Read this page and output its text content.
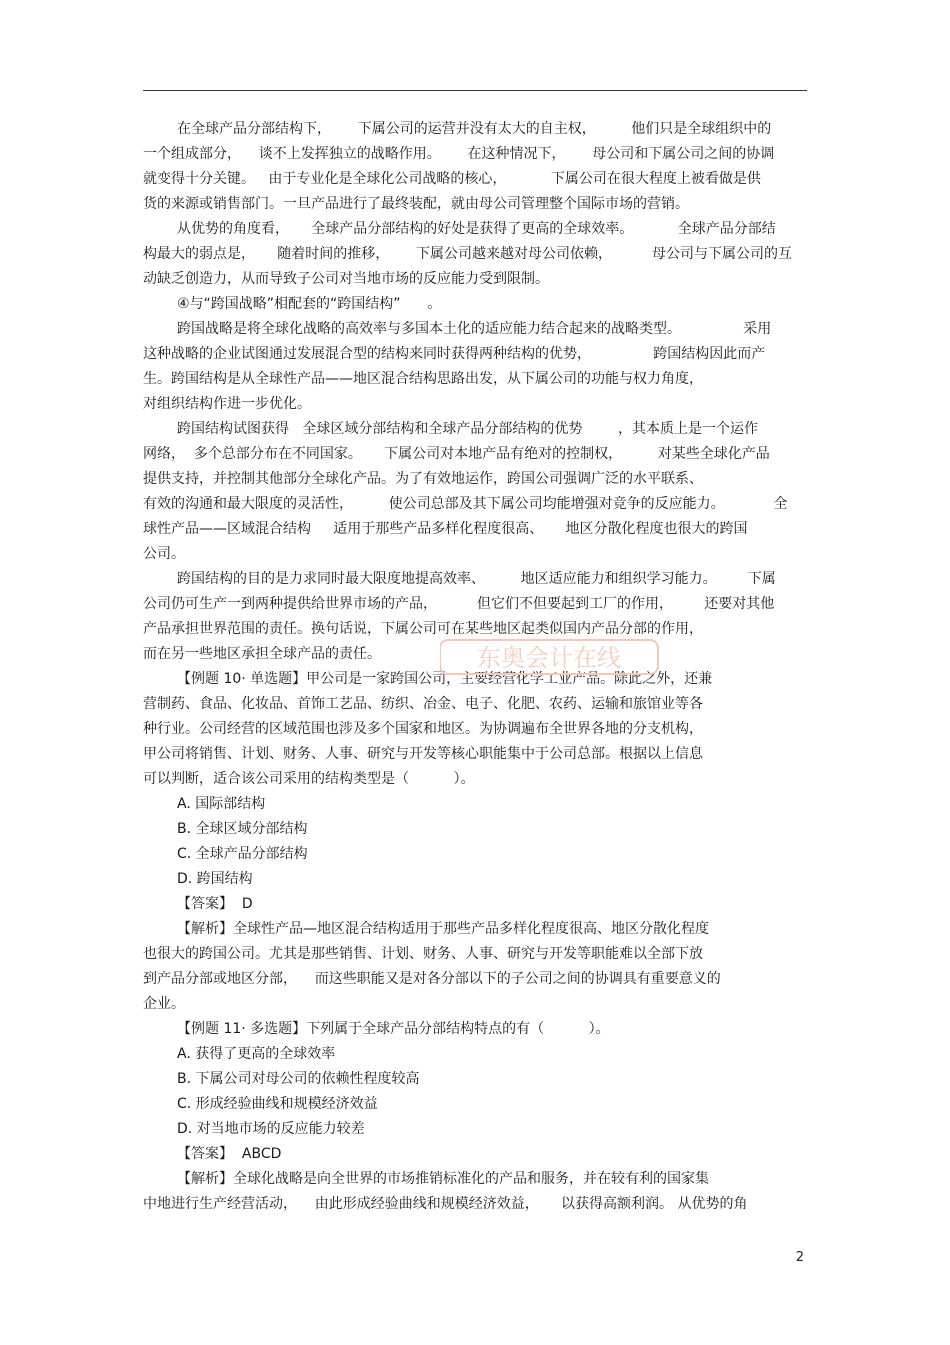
在全球产品分部结构下，      下属公司的运营并没有太大的自主权，        他们只是全球组织中的
一个组成部分，    谈不上发挥独立的战略作用。      在这种情况下，      母公司和下属公司之间的协调
就变得十分关键。   由于专业化是全球化公司战略的核心，          下属公司在很大程度上被看做是供
货的来源或销售部门。一旦产品进行了最终装配，就由母公司管理整个国际市场的营销。
从优势的角度看，     全球产品分部结构的好处是获得了更高的全球效率。          全球产品分部结
构最大的弱点是，     随着时间的推移，      下属公司越来越对母公司依赖，         母公司与下属公司的互
动缺乏创造力，从而导致子公司对当地市场的反应能力受到限制。
④与“跨国战略”相配套的“跨国结构”      。
跨国战略是将全球化战略的高效率与多国本土化的适应能力结合起来的战略类型。              采用
这种战略的企业试图通过发展混合型的结构来同时获得两种结构的优势，              跨国结构因此而产
生。跨国结构是从全球性产品——地区混合结构思路出发，从下属公司的功能与权力角度，
对组织结构作进一步优化。
跨国结构试图获得   全球区域分部结构和全球产品分部结构的优势        ，其本质上是一个运作
网络，  多个总部分布在不同国家。     下属公司对本地产品有绝对的控制权，        对某些全球化产品
提供支持，并控制其他部分全球化产品。为了有效地运作，跨国公司强调广泛的水平联系、
有效的沟通和最大限度的灵活性，        使公司总部及其下属公司均能增强对竞争的反应能力。           全
球性产品——区域混合结构     适用于那些产品多样化程度很高、     地区分散化程度也很大的跨国
公司。
跨国结构的目的是力求同时最大限度地提高效率、        地区适应能力和组织学习能力。       下属
公司仍可生产一到两种提供给世界市场的产品，         但它们不但要起到工厂的作用，       还要对其他
产品承担世界范围的责任。换句话说，下属公司可在某些地区起类似国内产品分部的作用，
而在另一些地区承担全球产品的责任。
【例题 10· 单选题】甲公司是一家跨国公司，主要经营化学工业产品。除此之外，还兼
营制药、食品、化妆品、首饰工艺品、纺织、冶金、电子、化肥、农药、运输和旅馆业等各
种行业。公司经营的区域范围也涉及多个国家和地区。为协调遍布全世界各地的分支机构，
甲公司将销售、计划、财务、人事、研究与开发等核心职能集中于公司总部。根据以上信息
可以判断，适合该公司采用的结构类型是（          ）。
A. 国际部结构
B. 全球区域分部结构
C. 全球产品分部结构
D. 跨国结构
【答案】  D
【解析】全球性产品—地区混合结构适用于那些产品多样化程度很高、地区分散化程度
也很大的跨国公司。尤其是那些销售、计划、财务、人事、研究与开发等职能难以全部下放
到产品分部或地区分部，    而这些职能又是对各分部以下的子公司之间的协调具有重要意义的
企业。
【例题 11· 多选题】下列属于全球产品分部结构特点的有（          ）。
A. 获得了更高的全球效率
B. 下属公司对母公司的依赖性程度较高
C. 形成经验曲线和规模经济效益
D. 对当地市场的反应能力较差
【答案】  ABCD
【解析】全球化战略是向全世界的市场推销标准化的产品和服务，并在较有利的国家集
中地进行生产经营活动，    由此形成经验曲线和规模经济效益，     以获得高额利润。 从优势的角
东奥会计在线
2
